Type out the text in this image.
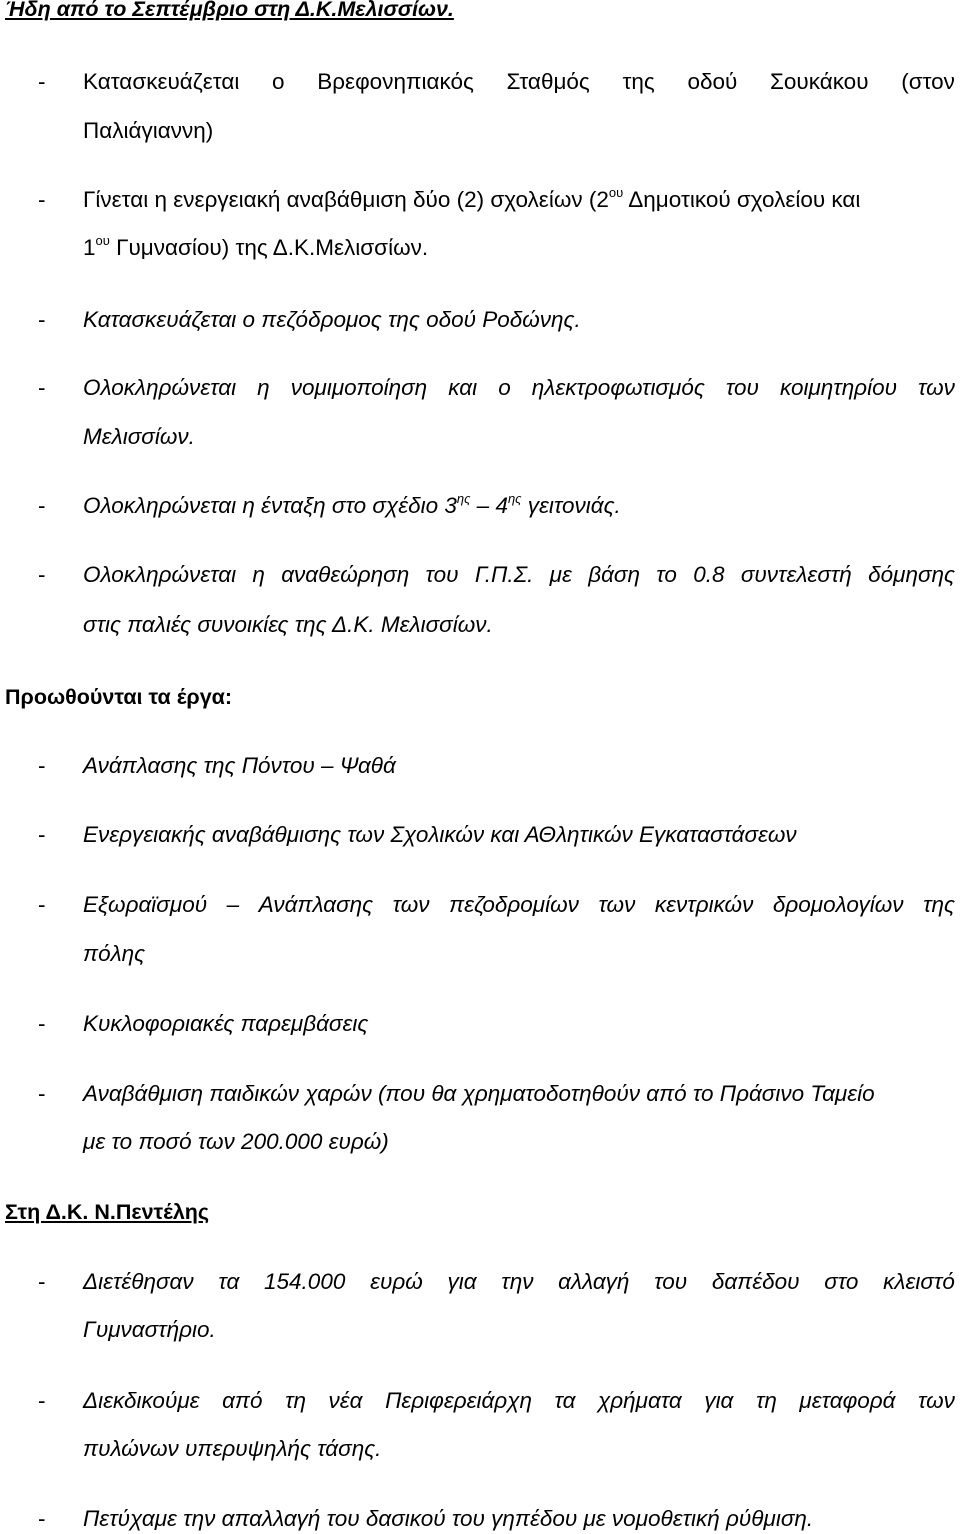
Ήδη από το Σεπτέμβριο στη Δ.Κ.Μελισσίων.
- Κατασκευάζεται ο Βρεφονηπιακός Σταθμός της οδού Σουκάκου (στον
Παλιάγιαννη)
- Γίνεται η ενεργειακή αναβάθμιση δύο (2) σχολείων ($2^{o\upsilon}$ Δημοτικού σχολείου και
$1^{o\upsilon}$ Γυμνασίου) της Δ.Κ.Μελισσίων.
- Κατασκευάζεται ο πεζόδρομος της οδού Ροδώνης.
- Ολοκληρώνεται η νομιμοποίηση και ο ηλεκτροφωτισμός του κοιμητηρίου των
Μελισσίων.
- Ολοκληρώνεται η ένταξη στο σχέδιο $3^{\eta\varsigma} - 4^{\eta\varsigma}$ γειτονιάς.
- Ολοκληρώνεται η αναθεώρηση του Γ.Π.Σ. με βάση το 0.8 συντελεστή δόμησης
στις παλιές συνοικίες της Δ.Κ. Μελισσίων.
Προωθούνται τα έργα:
- Ανάπλασης της Πόντου – Ψαθά
- Ενεργειακής αναβάθμισης των Σχολικών και ΑΘλητικών Εγκαταστάσεων
- Εξωραϊσμού – Ανάπλασης των πεζοδρομίων των κεντρικών δρομολογίων της
πόλης
- Κυκλοφοριακές παρεμβάσεις
- Αναβάθμιση παιδικών χαρών (που θα χρηματοδοτηθούν από το Πράσινο Ταμείο
με το ποσό των 200.000 ευρώ)
Στη Δ.Κ. Ν.Πεντέλης
- Διετέθησαν τα 154.000 ευρώ για την αλλαγή του δαπέδου στο κλειστό
Γυμναστήριο.
- Διεκδικούμε από τη νέα Περιφερειάρχη τα χρήματα για τη μεταφορά των
πυλώνων υπερυψηλής τάσης.
- Πετύχαμε την απαλλαγή του δασικού του γηπέδου με νομοθετική ρύθμιση.
